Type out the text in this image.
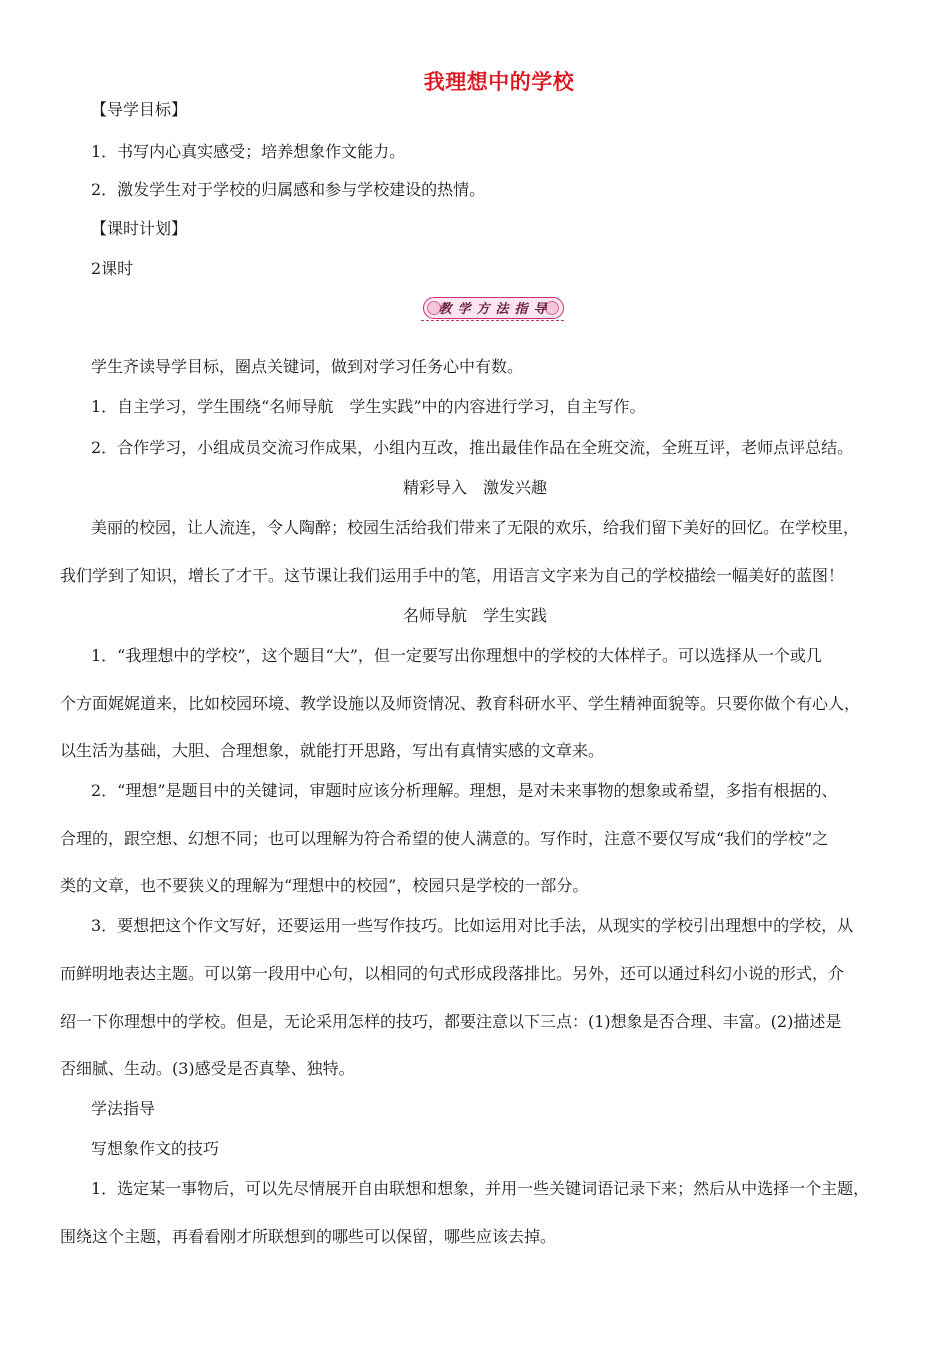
我理想中的学校
【导学目标】
1．书写内心真实感受；培养想象作文能力。
2．激发学生对于学校的归属感和参与学校建设的热情。
【课时计划】
2课时
教学方法指导
学生齐读导学目标，圈点关键词，做到对学习任务心中有数。
1．自主学习，学生围绕“名师导航　学生实践”中的内容进行学习，自主写作。
2．合作学习，小组成员交流习作成果，小组内互改，推出最佳作品在全班交流，全班互评，老师点评总结。
精彩导入　激发兴趣
美丽的校园，让人流连，令人陶醉；校园生活给我们带来了无限的欢乐，给我们留下美好的回忆。在学校里，
我们学到了知识，增长了才干。这节课让我们运用手中的笔，用语言文字来为自己的学校描绘一幅美好的蓝图！
名师导航　学生实践
1．“我理想中的学校”，这个题目“大”，但一定要写出你理想中的学校的大体样子。可以选择从一个或几
个方面娓娓道来，比如校园环境、教学设施以及师资情况、教育科研水平、学生精神面貌等。只要你做个有心人，
以生活为基础，大胆、合理想象，就能打开思路，写出有真情实感的文章来。
2．“理想”是题目中的关键词，审题时应该分析理解。理想，是对未来事物的想象或希望，多指有根据的、
合理的，跟空想、幻想不同；也可以理解为符合希望的使人满意的。写作时，注意不要仅写成“我们的学校”之
类的文章，也不要狭义的理解为“理想中的校园”，校园只是学校的一部分。
3．要想把这个作文写好，还要运用一些写作技巧。比如运用对比手法，从现实的学校引出理想中的学校，从
而鲜明地表达主题。可以第一段用中心句，以相同的句式形成段落排比。另外，还可以通过科幻小说的形式，介
绍一下你理想中的学校。但是，无论采用怎样的技巧，都要注意以下三点：(1)想象是否合理、丰富。(2)描述是
否细腻、生动。(3)感受是否真挚、独特。
学法指导
写想象作文的技巧
1．选定某一事物后，可以先尽情展开自由联想和想象，并用一些关键词语记录下来；然后从中选择一个主题，
围绕这个主题，再看看刚才所联想到的哪些可以保留，哪些应该去掉。
